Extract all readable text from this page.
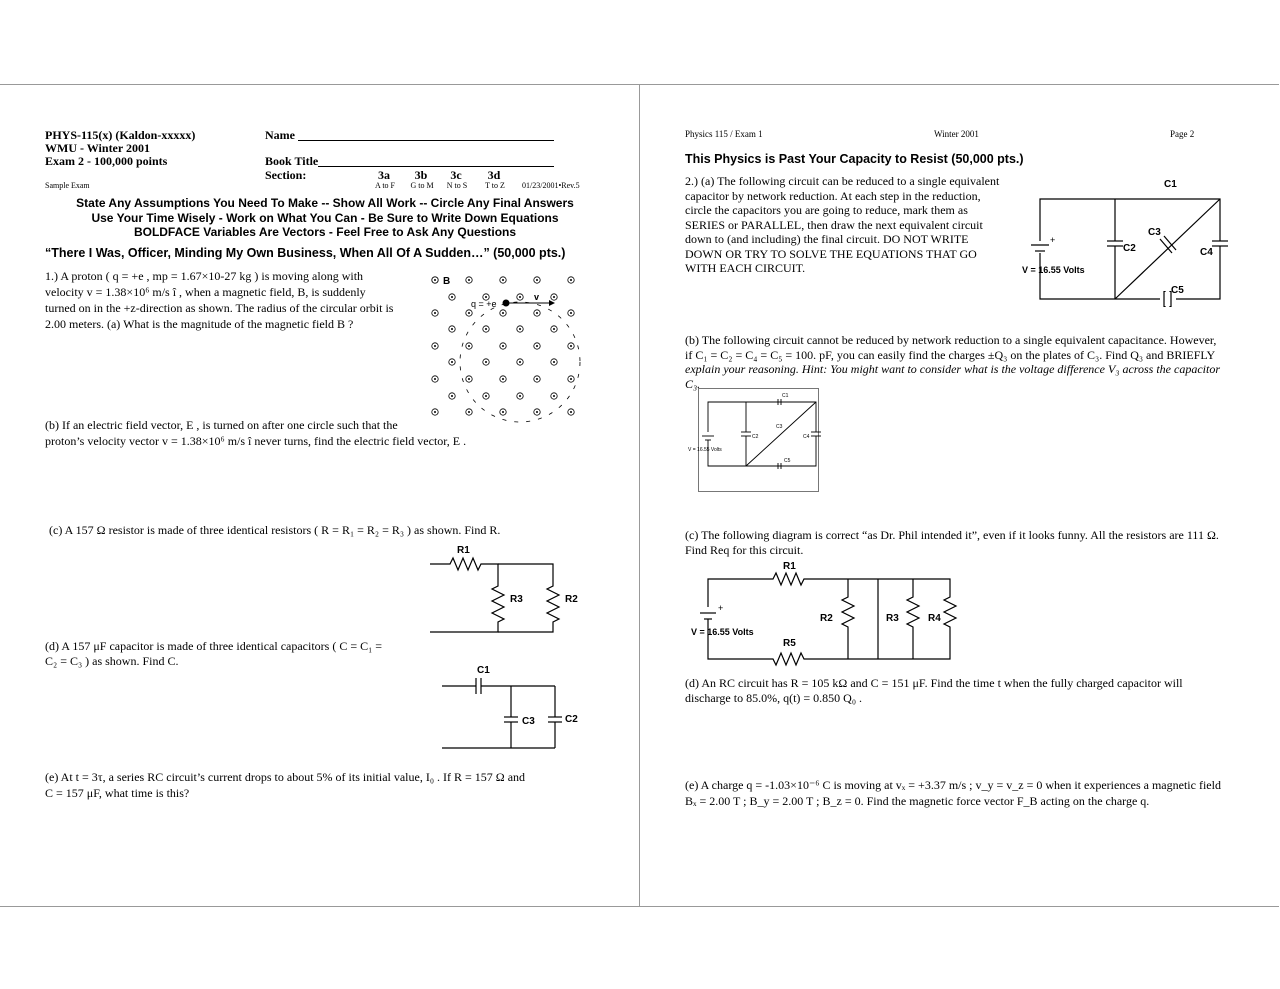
PHYS-115(x) (Kaldon-xxxxx)
WMU - Winter 2001
Exam 2 - 100,000 points
Sample Exam
Name
Book Title
Section:	3a	3b	3c	3d
A to F	G to M	N to S	T to Z	01/23/2001•Rev.5
State Any Assumptions You Need To Make -- Show All Work -- Circle Any Final Answers
Use Your Time Wisely - Work on What You Can - Be Sure to Write Down Equations
BOLDFACE Variables Are Vectors - Feel Free to Ask Any Questions
“There I Was, Officer, Minding My Own Business, When All Of A Sudden…” (50,000 pts.)
1.) A proton ( q = +e , mp = 1.67×10-27 kg ) is moving along with
velocity v = 1.38×10⁶ m/s î , when a magnetic field, B, is suddenly
turned on in the +z-direction as shown. The radius of the circular orbit is
2.00 meters. (a) What is the magnitude of the magnetic field B ?
B
q = +e
v
(b) If an electric field vector, E , is turned on after one circle such that the
proton’s velocity vector v = 1.38×10⁶ m/s î never turns, find the electric field vector, E .
(c) A 157 Ω resistor is made of three identical resistors ( R = R₁ = R₂ = R₃ ) as shown. Find R.
R1
R3	R2
(d) A 157 μF capacitor is made of three identical capacitors ( C = C₁ =
C₂ = C₃ ) as shown. Find C.
C1
C3	C2
(e) At t = 3τ, a series RC circuit’s current drops to about 5% of its initial value, I₀ . If R = 157 Ω and
C = 157 μF, what time is this?
Physics 115 / Exam 1	Winter 2001	Page 2
This Physics is Past Your Capacity to Resist (50,000 pts.)
2.) (a) The following circuit can be reduced to a single equivalent
capacitor by network reduction. At each step in the reduction,
circle the capacitors you are going to reduce, mark them as
SERIES or PARALLEL, then draw the next equivalent circuit
down to (and including) the final circuit. DO NOT WRITE
DOWN OR TRY TO SOLVE THE EQUATIONS THAT GO
WITH EACH CIRCUIT.
C1
C2
C3
C4
C5
+
V = 16.55 Volts
(b) The following circuit cannot be reduced by network reduction to a single equivalent capacitance. However,
if C₁ = C₂ = C₄ = C₅ = 100. pF, you can easily find the charges ±Q₃ on the plates of C₃. Find Q₃ and BRIEFLY
explain your reasoning. Hint: You might want to consider what is the voltage difference V₃ across the capacitor
C₃.
C1
C2
C3
C4
C5
V = 16.55 Volts
(c) The following diagram is correct “as Dr. Phil intended it”, even if it looks funny. All the resistors are 111 Ω.
Find Req for this circuit.
R1
R2	R3	R4
R5
+
V = 16.55 Volts
(d) An RC circuit has R = 105 kΩ and C = 151 μF. Find the time t when the fully charged capacitor will
discharge to 85.0%, q(t) = 0.850 Q₀ .
(e) A charge q = -1.03×10⁻⁶ C is moving at vₓ = +3.37 m/s ; v_y = v_z = 0 when it experiences a magnetic field
Bₓ = 2.00 T ; B_y = 2.00 T ; B_z = 0. Find the magnetic force vector F_B acting on the charge q.
